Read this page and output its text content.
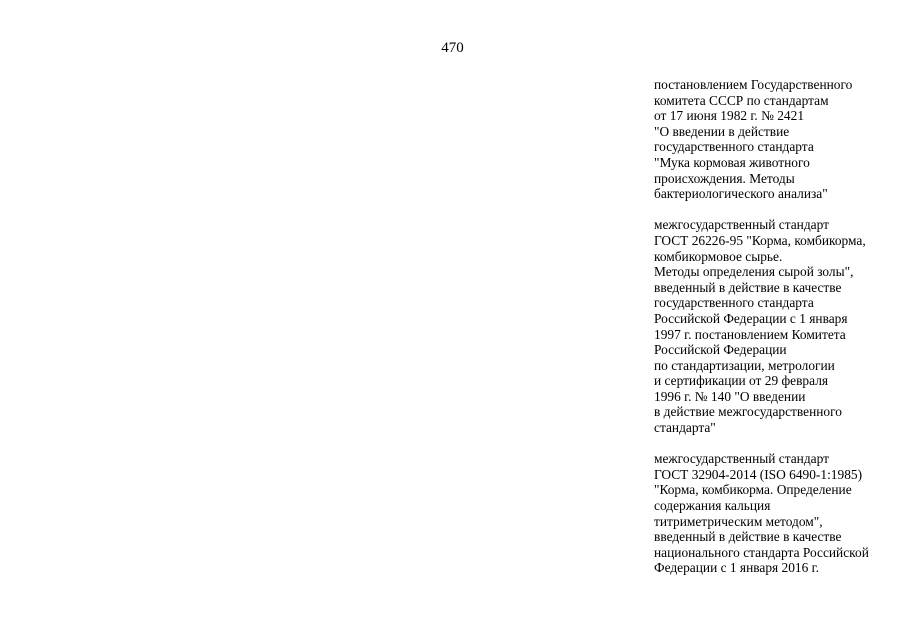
470
постановлением Государственного
комитета СССР по стандартам
от 17 июня 1982 г. № 2421
"О введении в действие
государственного стандарта
"Мука кормовая животного
происхождения. Методы
бактериологического анализа"
межгосударственный стандарт
ГОСТ 26226-95 "Корма, комбикорма,
комбикормовое сырье.
Методы определения сырой золы",
введенный в действие в качестве
государственного стандарта
Российской Федерации с 1 января
1997 г. постановлением Комитета
Российской Федерации
по стандартизации, метрологии
и сертификации от 29 февраля
1996 г. № 140 "О введении
в действие межгосударственного
стандарта"
межгосударственный стандарт
ГОСТ 32904-2014 (ISO 6490-1:1985)
"Корма, комбикорма. Определение
содержания кальция
титриметрическим методом",
введенный в действие в качестве
национального стандарта Российской
Федерации с 1 января 2016 г.
